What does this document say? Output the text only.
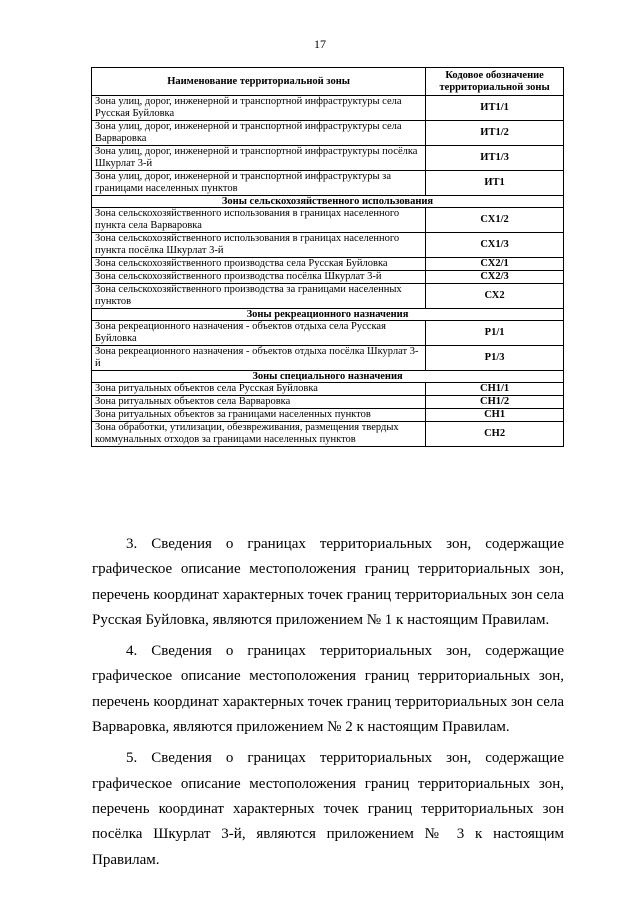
17
Наименование территориальной зоны	Кодовое обозначение территориальной зоны
Зона улиц, дорог, инженерной и транспортной инфраструктуры села Русская Буйловка	ИТ1/1
Зона улиц, дорог, инженерной и транспортной инфраструктуры села Варваровка	ИТ1/2
Зона улиц, дорог, инженерной и транспортной инфраструктуры посёлка Шкурлат 3-й	ИТ1/3
Зона улиц, дорог, инженерной и транспортной инфраструктуры за границами населенных пунктов	ИТ1
Зоны сельскохозяйственного использования	
Зона сельскохозяйственного использования в границах населенного пункта села Варваровка	СХ1/2
Зона сельскохозяйственного использования в границах населенного пункта посёлка Шкурлат 3-й	СХ1/3
Зона сельскохозяйственного производства села Русская Буйловка	СХ2/1
Зона сельскохозяйственного производства посёлка Шкурлат 3-й	СХ2/3
Зона сельскохозяйственного производства за границами населенных пунктов	СХ2
Зоны рекреационного назначения	
Зона рекреационного назначения - объектов отдыха села Русская Буйловка	Р1/1
Зона рекреационного назначения - объектов отдыха посёлка Шкурлат 3-й	Р1/3
Зоны специального назначения	
Зона ритуальных объектов села Русская Буйловка	СН1/1
Зона ритуальных объектов села Варваровка	СН1/2
Зона ритуальных объектов за границами населенных пунктов	СН1
Зона обработки, утилизации, обезвреживания, размещения твердых коммунальных отходов за границами населенных пунктов	СН2

3. Сведения о границах территориальных зон, содержащие графическое описание местоположения границ территориальных зон, перечень координат характерных точек границ территориальных зон села Русская Буйловка, являются приложением № 1 к настоящим Правилам.

4. Сведения о границах территориальных зон, содержащие графическое описание местоположения границ территориальных зон, перечень координат характерных точек границ территориальных зон села Варваровка, являются приложением № 2 к настоящим Правилам.

5. Сведения о границах территориальных зон, содержащие графическое описание местоположения границ территориальных зон, перечень координат характерных точек границ территориальных зон посёлка Шкурлат 3-й, являются приложением № 3 к настоящим Правилам.
